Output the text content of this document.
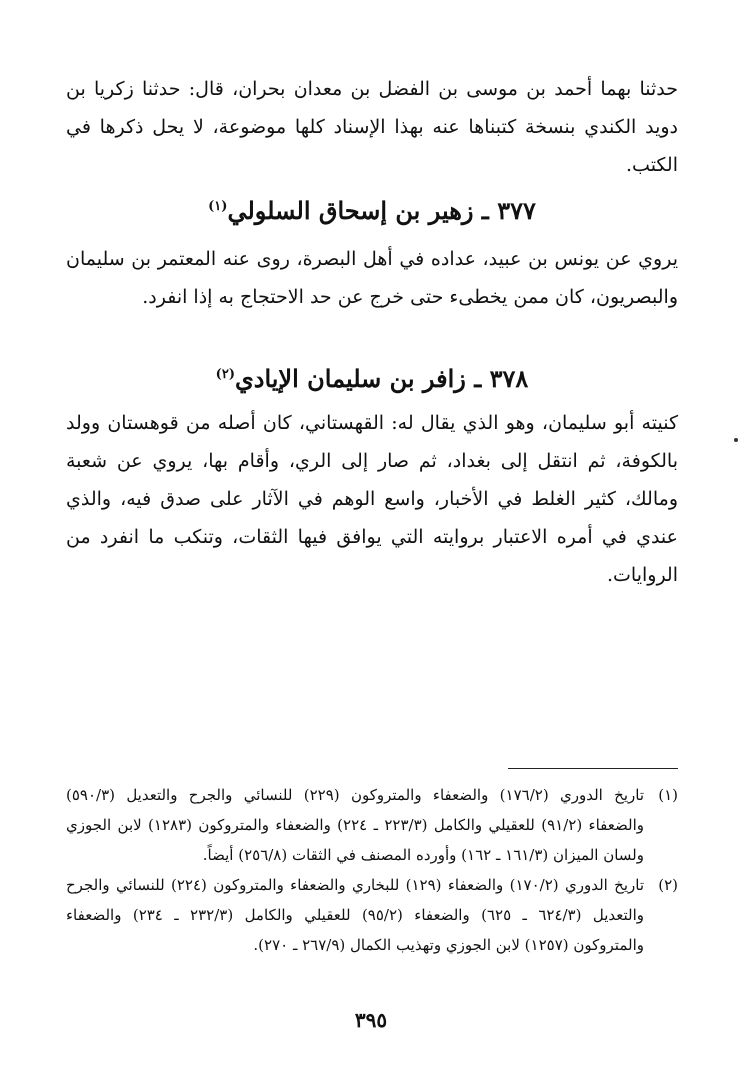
حدثنا بهما أحمد بن موسى بن الفضل بن معدان بحران، قال: حدثنا زكريا بن دويد الكندي بنسخة كتبناها عنه بهذا الإسناد كلها موضوعة، لا يحل ذكرها في الكتب.
٣٧٧ ـ زهير بن إسحاق السلولي$^{(١)}$
يروي عن يونس بن عبيد، عداده في أهل البصرة، روى عنه المعتمر بن سليمان والبصريون، كان ممن يخطىء حتى خرج عن حد الاحتجاج به إذا انفرد.
٣٧٨ ـ زافر بن سليمان الإيادي$^{(٢)}$
كنيته أبو سليمان، وهو الذي يقال له: القهستاني، كان أصله من قوهستان وولد بالكوفة، ثم انتقل إلى بغداد، ثم صار إلى الري، وأقام بها، يروي عن شعبة ومالك، كثير الغلط في الأخبار، واسع الوهم في الآثار على صدق فيه، والذي عندي في أمره الاعتبار بروايته التي يوافق فيها الثقات، وتنكب ما انفرد من الروايات.
(١)
تاريخ الدوري (١٧٦/٢) والضعفاء والمتروكون (٢٢٩) للنسائي والجرح والتعديل (٥٩٠/٣) والضعفاء (٩١/٢) للعقيلي والكامل (٢٢٣/٣ ـ ٢٢٤) والضعفاء والمتروكون (١٢٨٣) لابن الجوزي ولسان الميزان (١٦١/٣ ـ ١٦٢) وأورده المصنف في الثقات (٢٥٦/٨) أيضاً.
(٢)
تاريخ الدوري (١٧٠/٢) والضعفاء (١٢٩) للبخاري والضعفاء والمتروكون (٢٢٤) للنسائي والجرح والتعديل (٦٢٤/٣ ـ ٦٢٥) والضعفاء (٩٥/٢) للعقيلي والكامل (٢٣٢/٣ ـ ٢٣٤) والضعفاء والمتروكون (١٢٥٧) لابن الجوزي وتهذيب الكمال (٢٦٧/٩ ـ ٢٧٠).
٣٩٥
